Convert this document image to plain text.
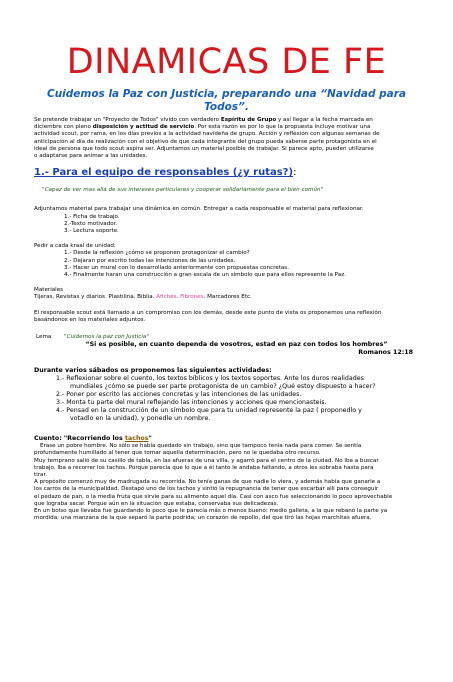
DINAMICAS DE FE
Cuidemos la Paz con Justicia, preparando una “Navidad para Todos”.

Se pretende trabajar un "Proyecto de Todos" vivido con verdadero Espíritu de Grupo y así llegar a la fecha marcada en

diciembre con pleno disposición y actitud de servicio. Por esta razón es por lo que la propuesta incluye motivar una

actividad scout, por rama, en los días previos a la actividad navideña de grupo. Acción y reflexión con algunas semanas de

anticipación al día de realización con el objetivo de que cada integrante del grupo pueda saberse parte protagonista en el

ideal de persona que todo scout aspira ser. Adjuntamos un material posible de trabajar. Si parece apto, pueden utilizarse

o adaptarse para animar a las unidades.

1.- Para el equipo de responsables (¿y rutas?):

"Capaz de ver mas allá de sus intereses particulares y cooperar solidariamente para el bien común"

Adjuntamos material para trabajar una dinámica en común. Entregar a cada responsable el material para reflexionar.

1.- Ficha de trabajo.

2.-Texto motivador.

3.- Lectura soporte.

Pedir a cada kraal de unidad:

1.- Desde la reflexión ¿cómo se proponen protagonizar el cambio?

2.- Dejaran por escrito todas las intenciones de las unidades.

3.- Hacer un mural con lo desarrollado anteriormente con propuestas concretas.

4.- Finalmente haran una construcción a gran escala de un símbolo que para ellos represente la Paz.

Materiales

Tijeras, Revistas y diarios. Plastilina. Biblia. Afiches. Fibrones. Marcadores Etc.

El responsable scout está llamado a un compromiso con los demás, desde este punto de vista os proponemos una reflexión

basándonos en los materiales adjuntos.

Lema	"Cuidemos la paz con Justicia"
“Si es posible, en cuanto dependa de vosotros, estad en paz con todos los hombres”
Romanos 12:18
Durante varios sábados os proponemos las siguientes actividades:
1.- Reflexionar sobre el cuento, los textos bíblicos y los textos soportes. Ante los duros realidades
mundiales ¿cómo se puede ser parte protagonista de un cambio? ¿Qué estoy dispuesto a hacer?
2.- Poner por escrito las acciones concretas y las intenciones de las unidades.
3.- Monta tu parte del mural reflejando las intenciones y acciones que mencionasteis.
4.- Pensad en la construcción de un símbolo que para tu unidad represente la paz ( proponedlo y
votadlo en la unidad), y ponedle un nombre.
Cuento: "Recorriendo los tachos"

Erase un pobre hombre. No sólo se había quedado sin trabajo, sino que tampoco tenía nada para comer. Se sentía

profundamente humillado al tener que tomar aquella determinación, pero no le quedaba otro recurso.

Muy temprano salió de su casillo de tabla, en las afueras de una villa, y agarró para el centro de la ciudad. No iba a buscar

trabajo. Iba a recorrer los tachos. Porque parecía que lo que a él tanto le andaba faltando, a otros les sobraba hasta para

tirar.

A propósito comenzó muy de madrugada su recorrida. No tenía ganas de que nadie lo viera, y además había que ganarle a

los carros de la municipalidad. Destapó uno de los tachos y sintió la repugnancia de tener que escarbar allí para conseguir

el pedazo de pan, o la media fruta que sirvie para su alimento aquel día. Casi con asco fue seleccionando lo poco aprovechable

que lograba sacar. Porque aún en la situación que estaba, conservaba sus delicadezas.

En un bolso que llevaba fue guardando lo poco que le parecía más o menos bueno: medio galleta, a la que rebanó la parte ya

mordida; una manzana de la que separó la parte podrida; un corazón de repollo, del que tiró las hojas marchitas afuera.
